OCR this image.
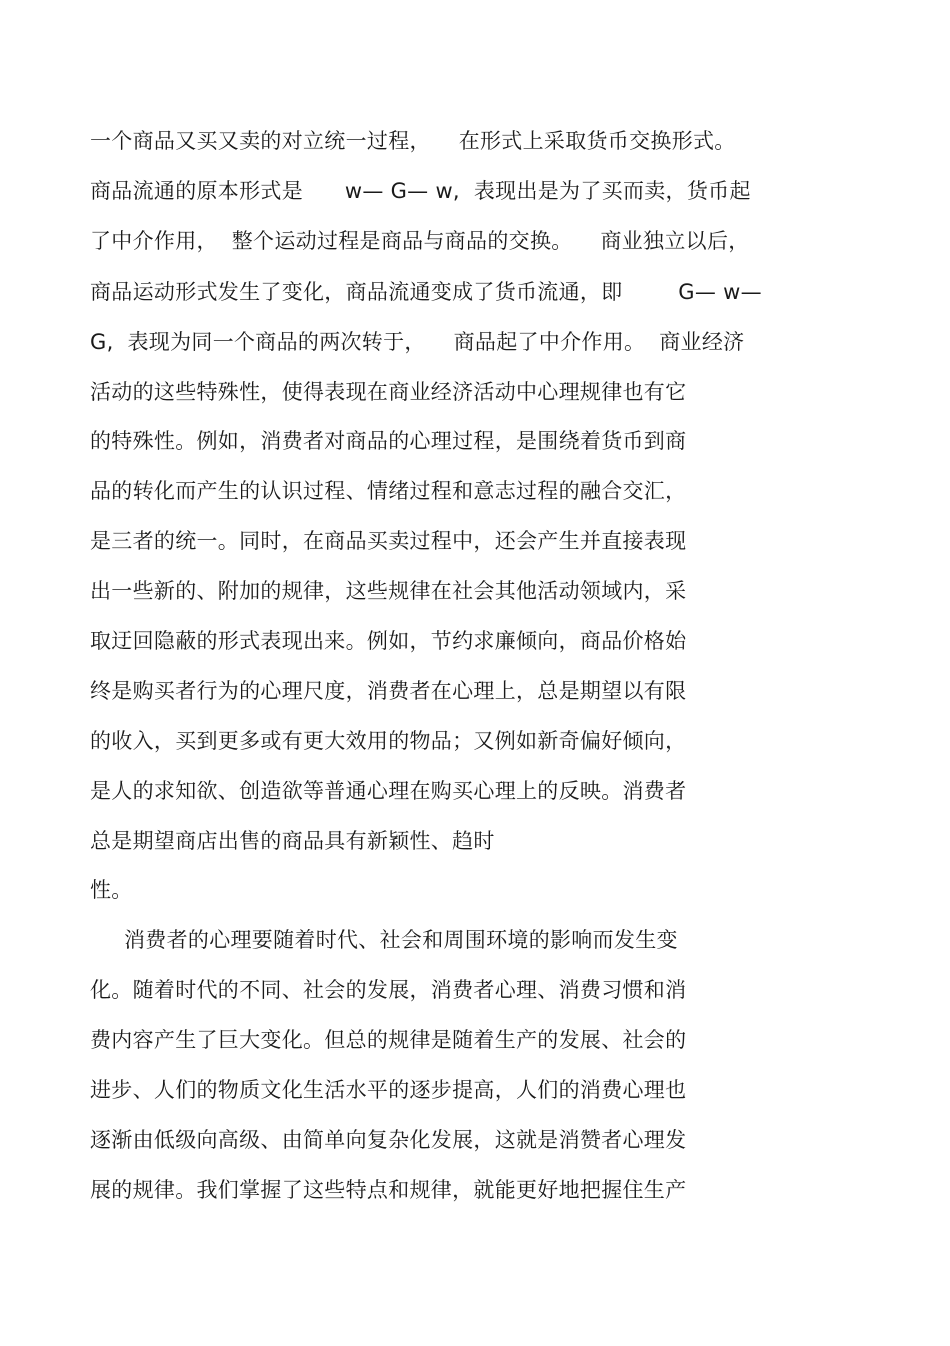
一个商品又买又卖的对立统一过程，    在形式上采取货币交换形式。
商品流通的原本形式是      w— G— w,  表现出是为了买而卖，货币起
了中介作用，  整个运动过程是商品与商品的交换。    商业独立以后，
商品运动形式发生了变化，商品流通变成了货币流通，即        G— w—
G,  表现为同一个商品的两次转于，    商品起了中介作用。  商业经济
活动的这些特殊性，使得表现在商业经济活动中心理规律也有它
的特殊性。例如，消费者对商品的心理过程，是围绕着货币到商
品的转化而产生的认识过程、情绪过程和意志过程的融合交汇，
是三者的统一。同时，在商品买卖过程中，还会产生并直接表现
出一些新的、附加的规律，这些规律在社会其他活动领域内，采
取迂回隐蔽的形式表现出来。例如，节约求廉倾向，商品价格始
终是购买者行为的心理尺度，消费者在心理上，总是期望以有限
的收入，买到更多或有更大效用的物品；又例如新奇偏好倾向，
是人的求知欲、创造欲等普通心理在购买心理上的反映。消费者
总是期望商店出售的商品具有新颖性、趋时
性。
消费者的心理要随着时代、社会和周围环境的影响而发生变
化。随着时代的不同、社会的发展，消费者心理、消费习惯和消
费内容产生了巨大变化。但总的规律是随着生产的发展、社会的
进步、人们的物质文化生活水平的逐步提高，人们的消费心理也
逐渐由低级向高级、由简单向复杂化发展，这就是消赞者心理发
展的规律。我们掌握了这些特点和规律，就能更好地把握住生产
